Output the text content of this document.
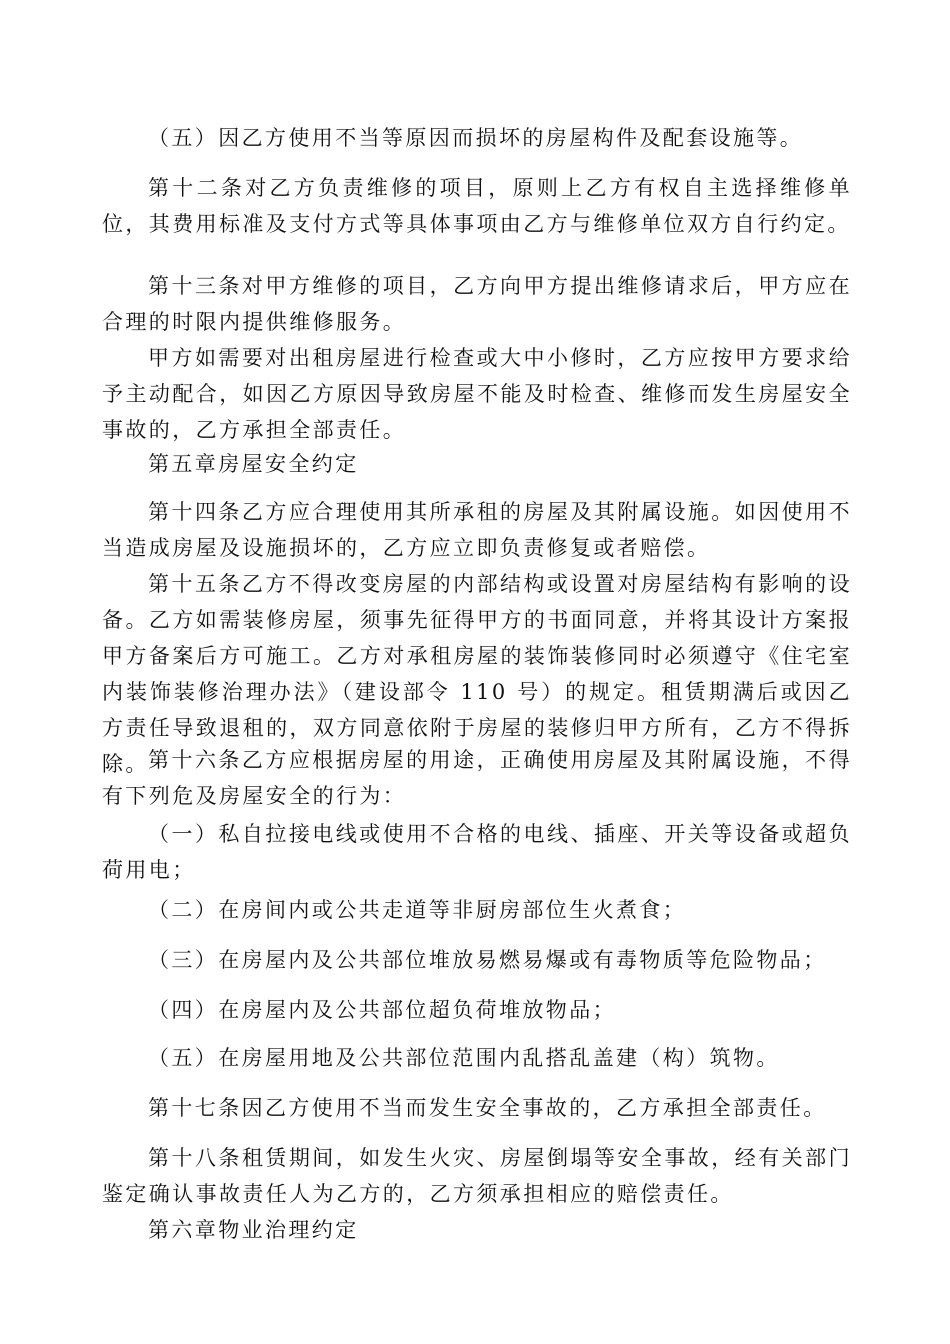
（五）因乙方使用不当等原因而损坏的房屋构件及配套设施等。

第十二条对乙方负责维修的项目，原则上乙方有权自主选择维修单位，其费用标准及支付方式等具体事项由乙方与维修单位双方自行约定。

第十三条对甲方维修的项目，乙方向甲方提出维修请求后，甲方应在合理的时限内提供维修服务。

甲方如需要对出租房屋进行检查或大中小修时，乙方应按甲方要求给予主动配合，如因乙方原因导致房屋不能及时检查、维修而发生房屋安全事故的，乙方承担全部责任。

第五章房屋安全约定

第十四条乙方应合理使用其所承租的房屋及其附属设施。如因使用不当造成房屋及设施损坏的，乙方应立即负责修复或者赔偿。

第十五条乙方不得改变房屋的内部结构或设置对房屋结构有影响的设备。乙方如需装修房屋，须事先征得甲方的书面同意，并将其设计方案报甲方备案后方可施工。乙方对承租房屋的装饰装修同时必须遵守《住宅室内装饰装修治理办法》（建设部令 110 号）的规定。租赁期满后或因乙方责任导致退租的，双方同意依附于房屋的装修归甲方所有，乙方不得拆除。 第十六条乙方应根据房屋的用途，正确使用房屋及其附属设施，不得有下列危及房屋安全的行为：

（一）私自拉接电线或使用不合格的电线、插座、开关等设备或超负荷用电；

（二）在房间内或公共走道等非厨房部位生火煮食；

（三）在房屋内及公共部位堆放易燃易爆或有毒物质等危险物品；

（四）在房屋内及公共部位超负荷堆放物品；

（五）在房屋用地及公共部位范围内乱搭乱盖建（构）筑物。

第十七条因乙方使用不当而发生安全事故的，乙方承担全部责任。

第十八条租赁期间，如发生火灾、房屋倒塌等安全事故，经有关部门鉴定确认事故责任人为乙方的，乙方须承担相应的赔偿责任。

第六章物业治理约定
